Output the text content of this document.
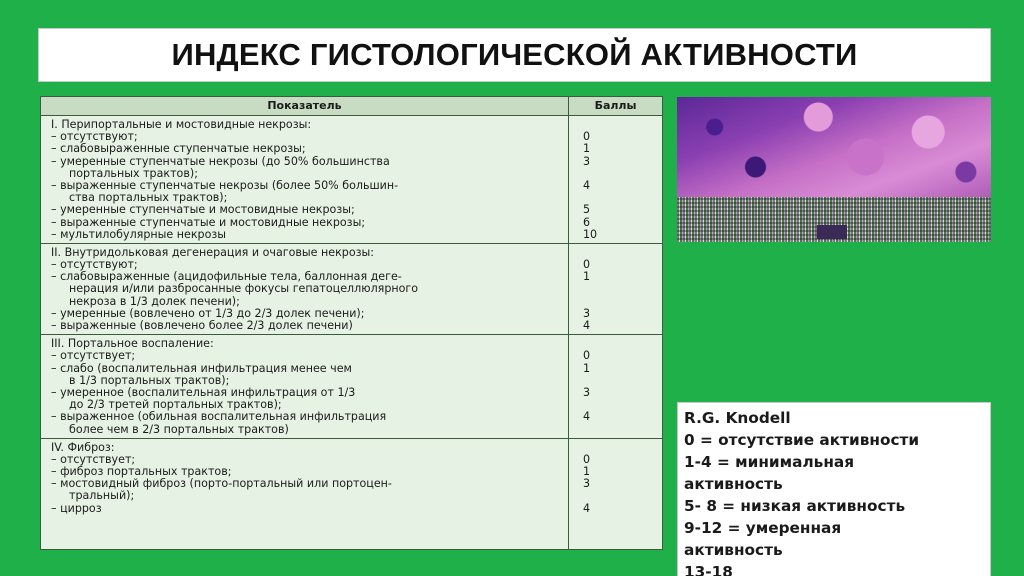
ИНДЕКС ГИСТОЛОГИЧЕСКОЙ АКТИВНОСТИ
Показатель	Баллы
I. Перипортальные и мостовидные некрозы:
– отсутствуют;
– слабовыраженные ступенчатые некрозы;
– умеренные ступенчатые некрозы (до 50% большинства
портальных трактов);
– выраженные ступенчатые некрозы (более 50% большин-
ства портальных трактов);
– умеренные ступенчатые и мостовидные некрозы;
– выраженные ступенчатые и мостовидные некрозы;
– мультилобулярные некрозы
0
1
3
4
5
6
10
II. Внутридольковая дегенерация и очаговые некрозы:
– отсутствуют;
– слабовыраженные (ацидофильные тела, баллонная деге-
нерация и/или разбросанные фокусы гепатоцеллюлярного
некроза в 1/3 долек печени);
– умеренные (вовлечено от 1/3 до 2/3 долек печени);
– выраженные (вовлечено более 2/3 долек печени)
0
1
3
4
III. Портальное воспаление:
– отсутствует;
– слабо (воспалительная инфильтрация менее чем
в 1/3 портальных трактов);
– умеренное (воспалительная инфильтрация от 1/3
до 2/3 третей портальных трактов);
– выраженное (обильная воспалительная инфильтрация
более чем в 2/3 портальных трактов)
0
1
3
4
IV. Фиброз:
– отсутствует;
– фиброз портальных трактов;
– мостовидный фиброз (порто-портальный или портоцен-
тральный);
– цирроз
0
1
3
4
R.G. Knodell
0 = отсутствие активности
1-4 = минимальная
активность
5- 8 = низкая активность
9-12 = умеренная
активность
13-18
